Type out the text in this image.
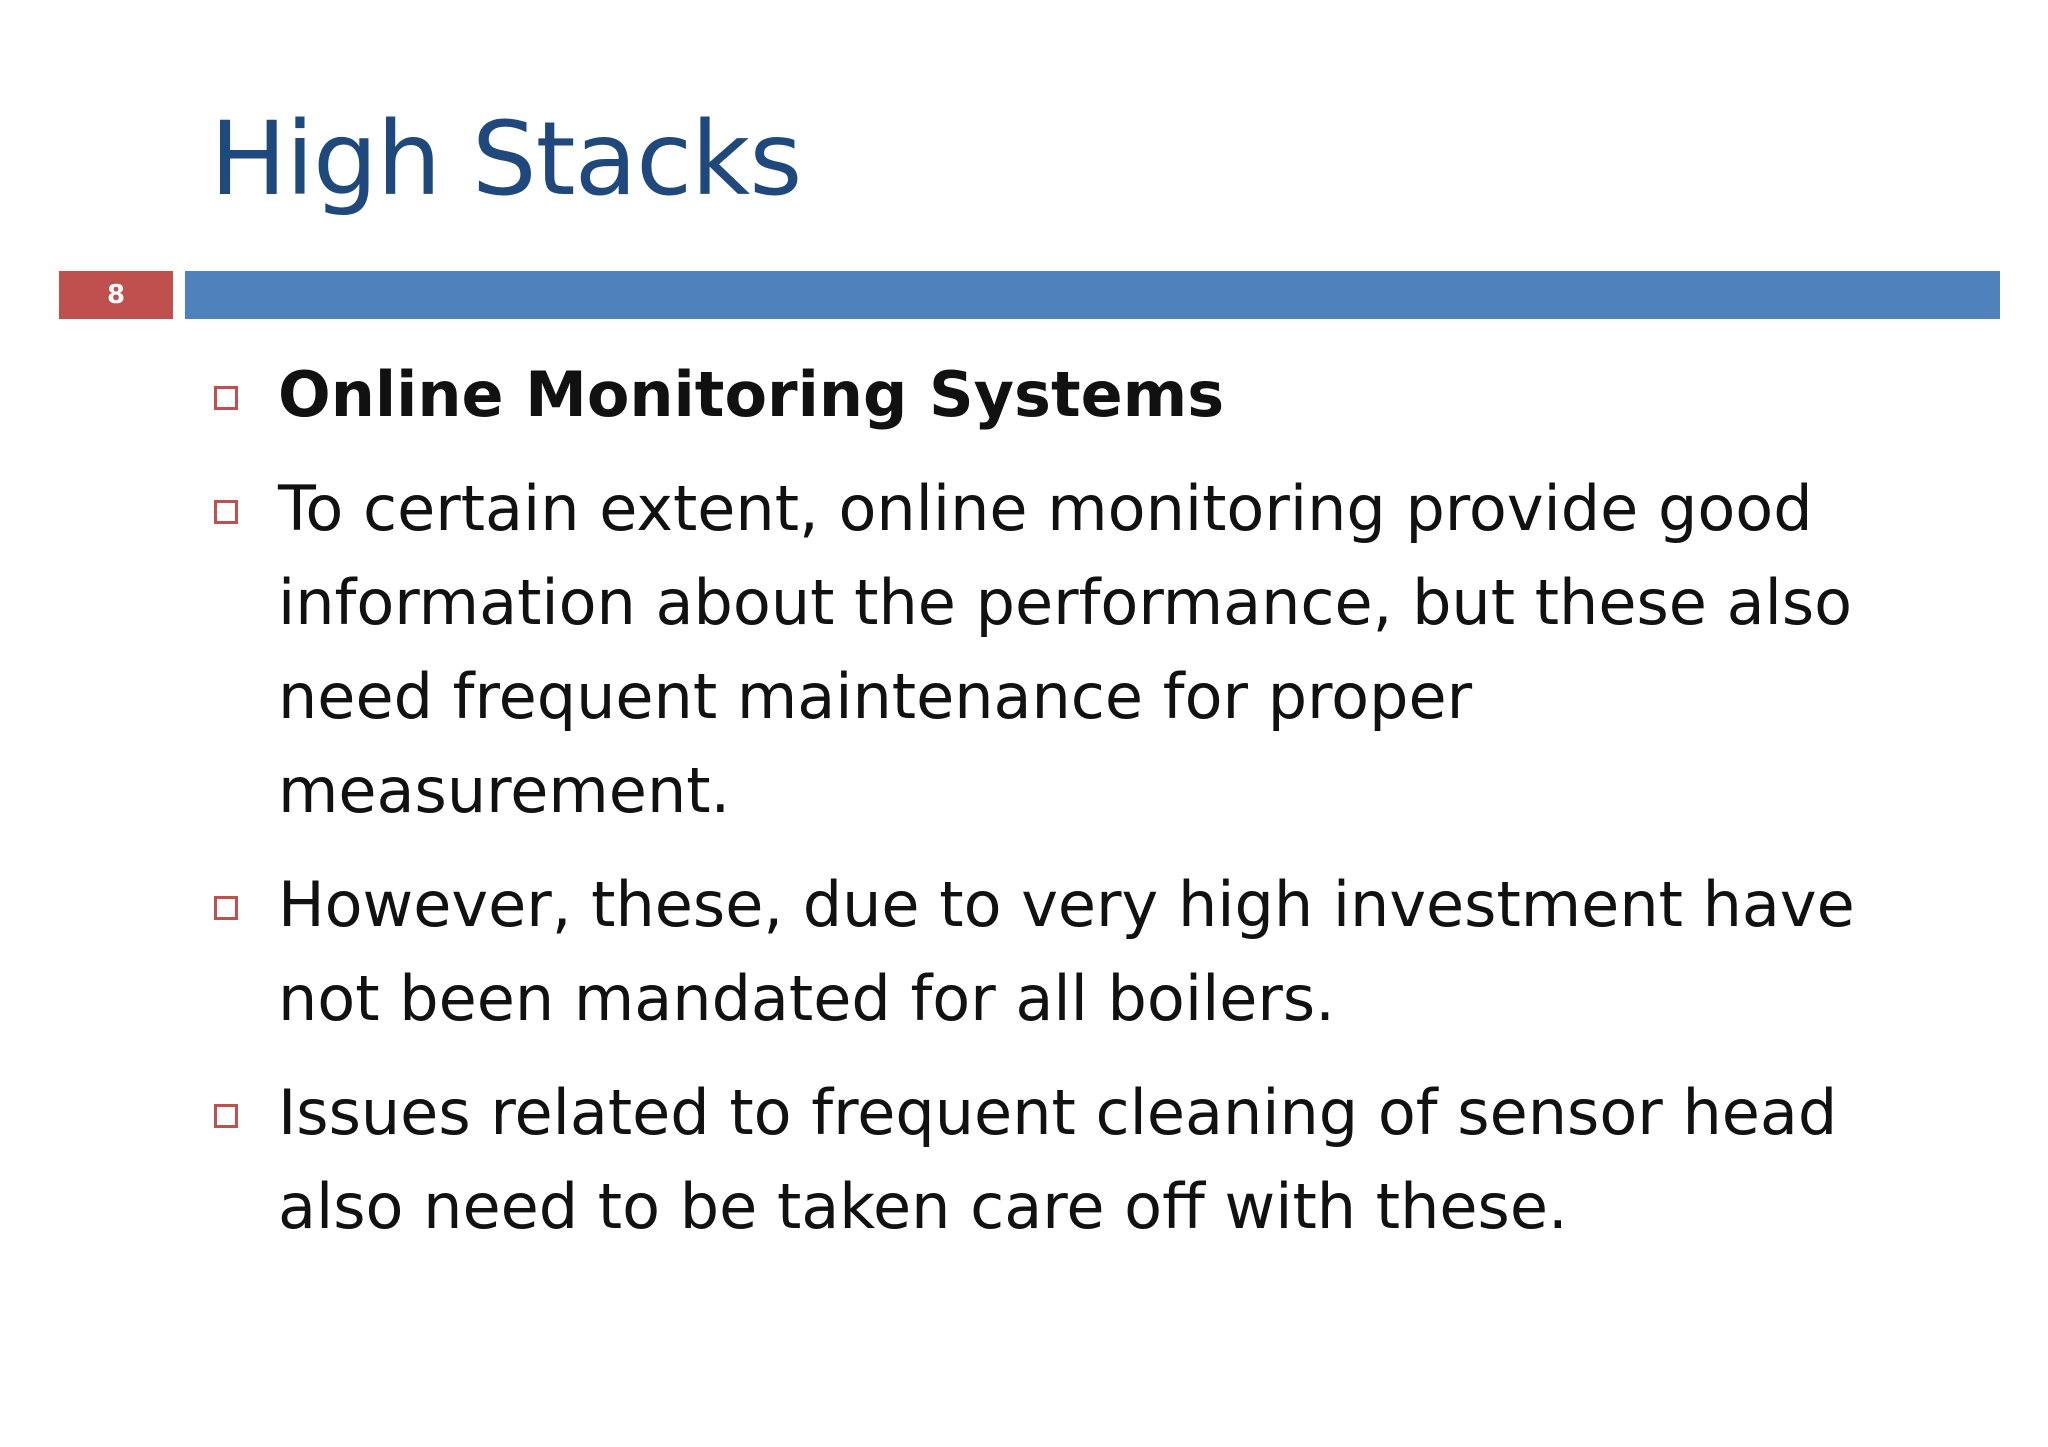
High Stacks
8
Online Monitoring Systems
To certain extent, online monitoring provide good information about the performance, but these also need frequent maintenance for proper measurement.
However, these, due to very high investment have not been mandated for all boilers.
Issues related to frequent cleaning of sensor head also need to be taken care off with these.
